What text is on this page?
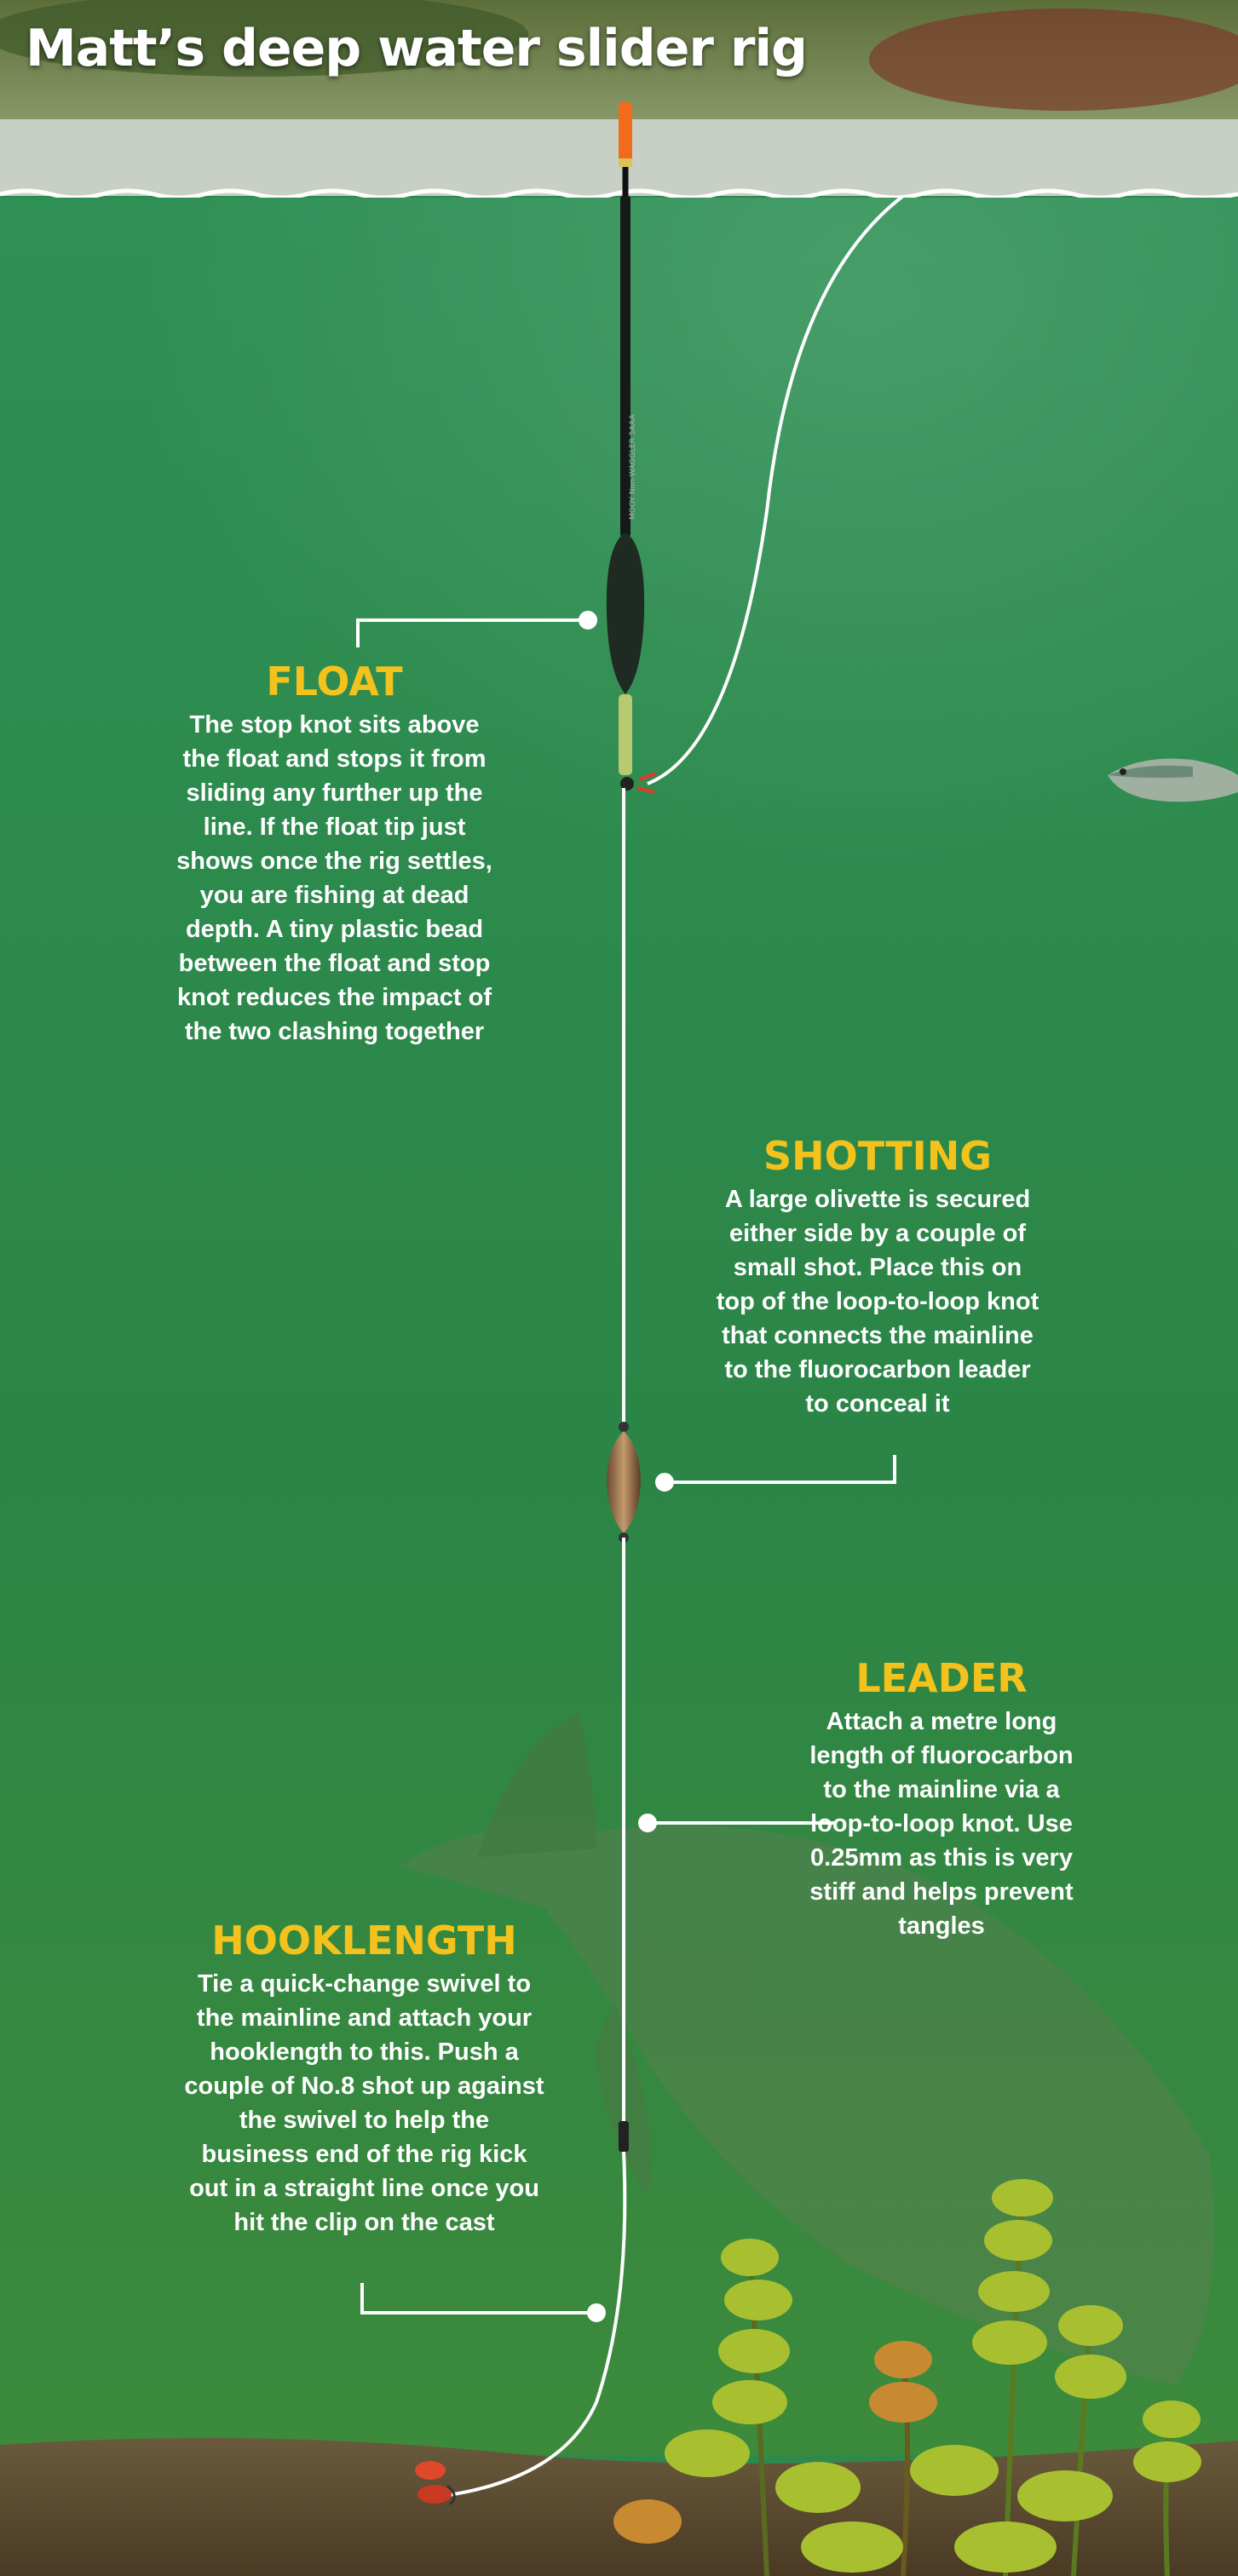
MOOY Non-WAGGLER 5AAA
Matt’s deep water slider rig
FLOAT

The stop knot sits above the float and stops it from sliding any further up the line. If the float tip just shows once the rig settles, you are fishing at dead depth. A tiny plastic bead between the float and stop knot reduces the impact of the two clashing together

SHOTTING

A large olivette is secured either side by a couple of small shot. Place this on top of the loop-to-loop knot that connects the mainline to the fluorocarbon leader to conceal it

LEADER

Attach a metre long length of fluorocarbon to the mainline via a loop-to-loop knot. Use 0.25mm as this is very stiff and helps prevent tangles

HOOKLENGTH

Tie a quick-change swivel to the mainline and attach your hooklength to this. Push a couple of No.8 shot up against the swivel to help the business end of the rig kick out in a straight line once you hit the clip on the cast
